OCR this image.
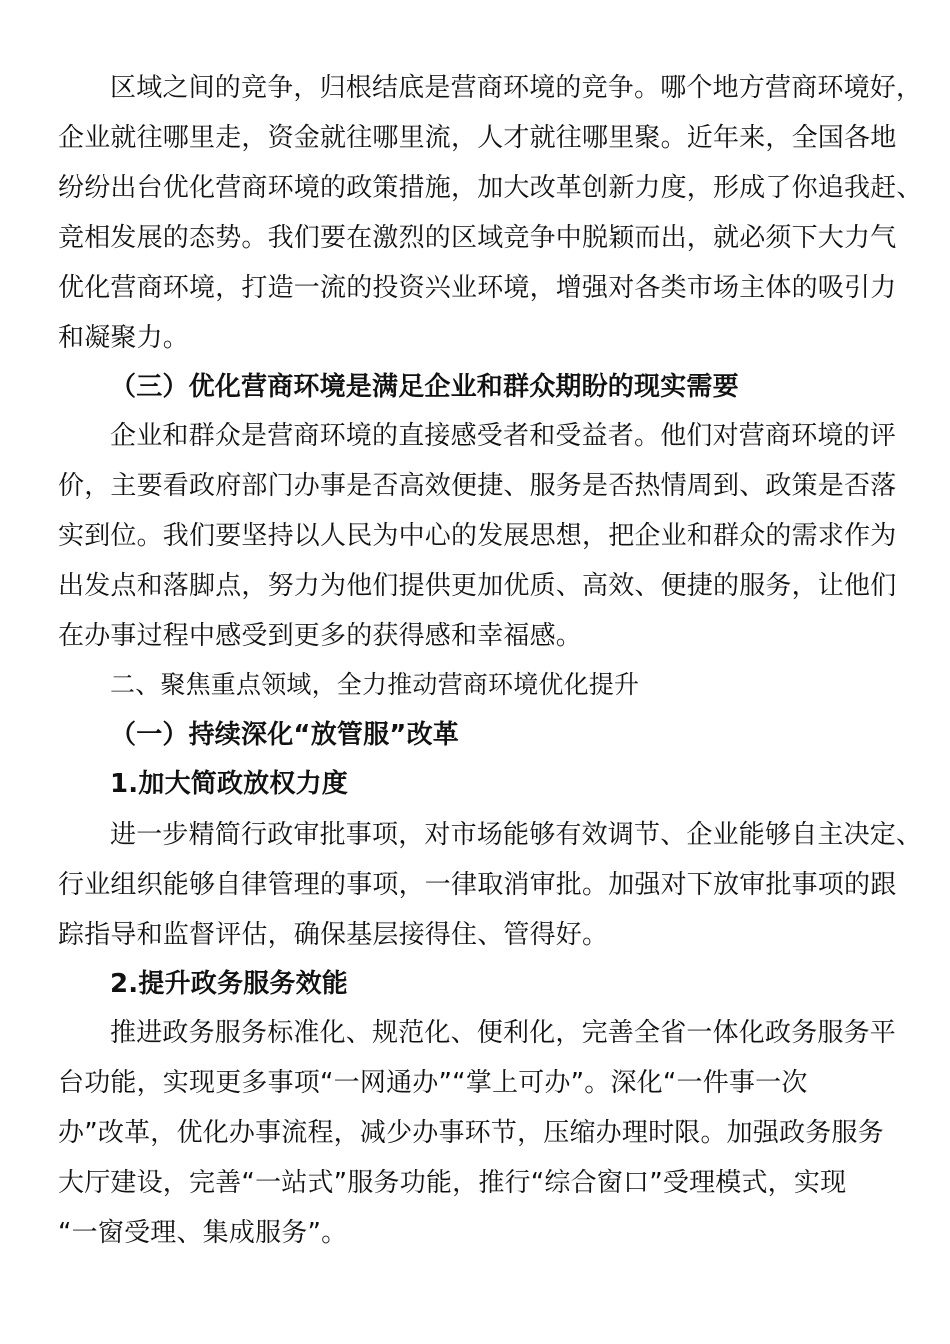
区域之间的竞争，归根结底是营商环境的竞争。哪个地方营商环境好，
企业就往哪里走，资金就往哪里流，人才就往哪里聚。近年来，全国各地
纷纷出台优化营商环境的政策措施，加大改革创新力度，形成了你追我赶、
竞相发展的态势。我们要在激烈的区域竞争中脱颖而出，就必须下大力气
优化营商环境，打造一流的投资兴业环境，增强对各类市场主体的吸引力
和凝聚力。
（三）优化营商环境是满足企业和群众期盼的现实需要
企业和群众是营商环境的直接感受者和受益者。他们对营商环境的评
价，主要看政府部门办事是否高效便捷、服务是否热情周到、政策是否落
实到位。我们要坚持以人民为中心的发展思想，把企业和群众的需求作为
出发点和落脚点，努力为他们提供更加优质、高效、便捷的服务，让他们
在办事过程中感受到更多的获得感和幸福感。
二、聚焦重点领域，全力推动营商环境优化提升
（一）持续深化“放管服”改革
1.加大简政放权力度
进一步精简行政审批事项，对市场能够有效调节、企业能够自主决定、
行业组织能够自律管理的事项，一律取消审批。加强对下放审批事项的跟
踪指导和监督评估，确保基层接得住、管得好。
2.提升政务服务效能
推进政务服务标准化、规范化、便利化，完善全省一体化政务服务平
台功能，实现更多事项“一网通办”“掌上可办”。深化“一件事一次
办”改革，优化办事流程，减少办事环节，压缩办理时限。加强政务服务
大厅建设，完善“一站式”服务功能，推行“综合窗口”受理模式，实现
“一窗受理、集成服务”。
